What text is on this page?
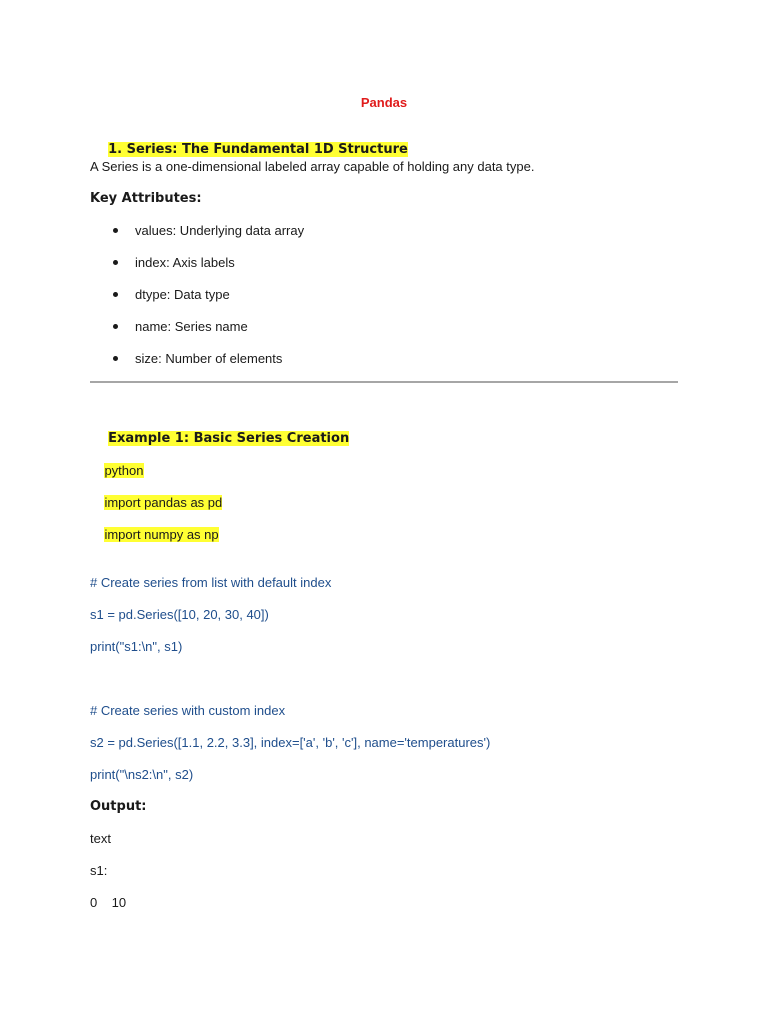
Pandas

1. Series: The Fundamental 1D Structure

A Series is a one-dimensional labeled array capable of holding any data type.
Key Attributes:
values: Underlying data array
index: Axis labels
dtype: Data type
name: Series name
size: Number of elements

Example 1: Basic Series Creation

python

import pandas as pd

import numpy as np

# Create series from list with default index
s1 = pd.Series([10, 20, 30, 40])
print("s1:\n", s1)
# Create series with custom index
s2 = pd.Series([1.1, 2.2, 3.3], index=['a', 'b', 'c'], name='temperatures')
print("\ns2:\n", s2)
Output:
text
s1:
0    10
